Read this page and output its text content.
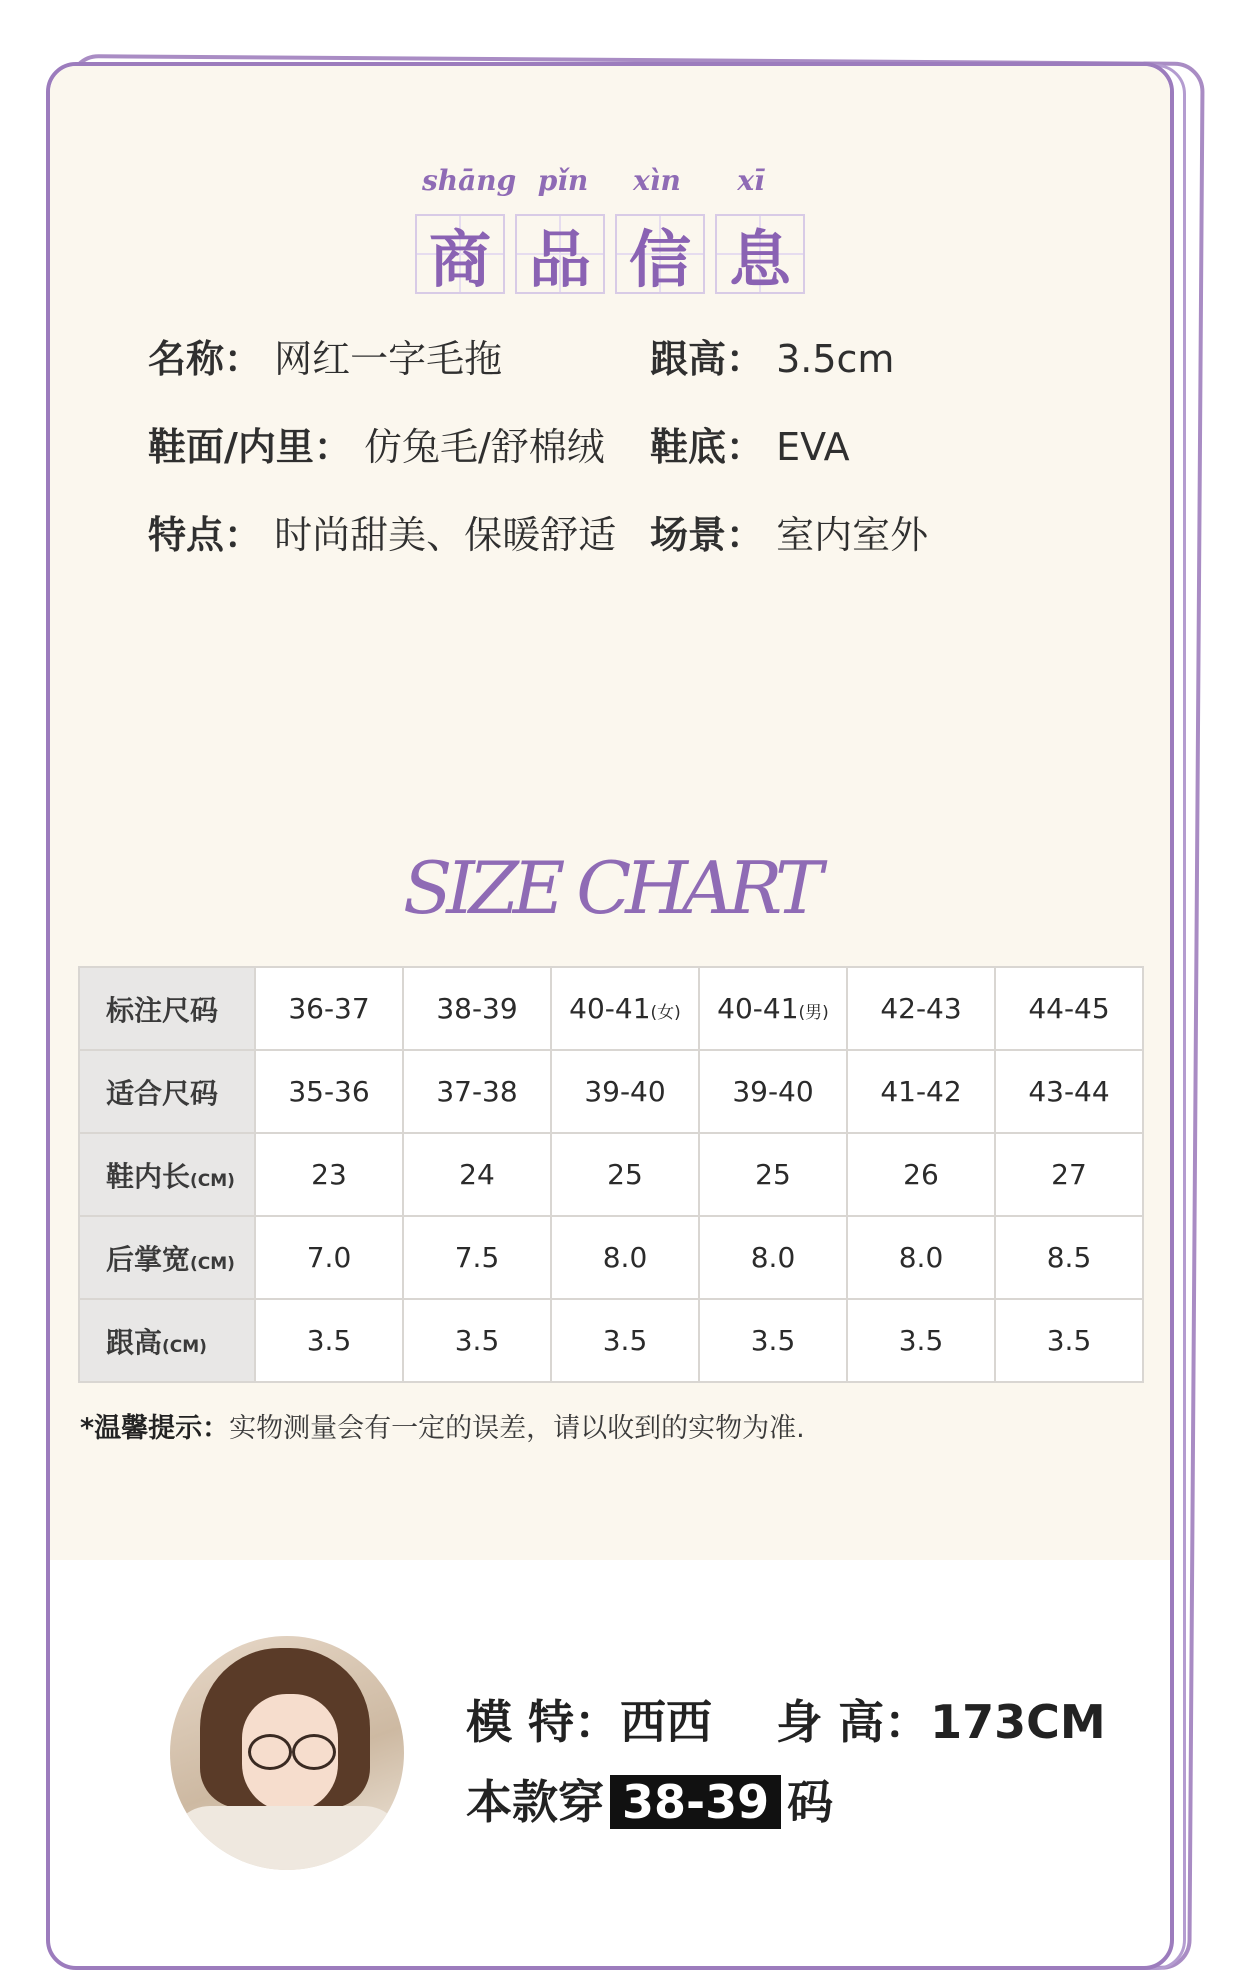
shāng pǐn	xìn	xī
商 品 信 息
名称： 网红一字毛拖	跟高： 3.5cm
鞋面/内里： 仿兔毛/舒棉绒 鞋底： EVA
特点： 时尚甜美、保暖舒适 场景： 室内室外
SIZE CHART
标注尺码	36-37	38-39	40-41(女)	40-41(男)	42-43	44-45
适合尺码	35-36	37-38	39-40	39-40	41-42	43-44
鞋内长(CM)	23	24	25	25	26	27
后掌宽(CM)	7.0	7.5	8.0	8.0	8.0	8.5
跟高(CM)	3.5	3.5	3.5	3.5	3.5	3.5
*温馨提示：实物测量会有一定的误差，请以收到的实物为准.
模 特：西西    身 高：173CM
本款穿 38-39 码
